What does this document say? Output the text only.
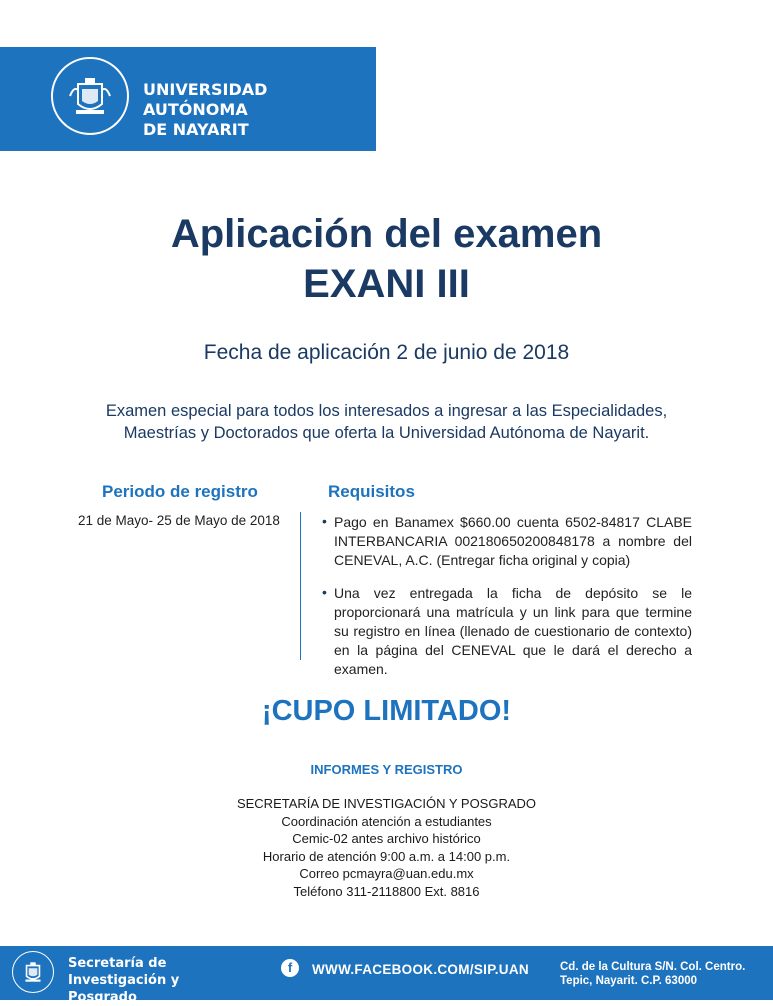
UNIVERSIDAD AUTÓNOMA
DE NAYARIT
Aplicación del examen
EXANI III
Fecha de aplicación 2 de junio de 2018
Examen especial para todos los interesados a ingresar a las Especialidades,
Maestrías y Doctorados que oferta la Universidad Autónoma de Nayarit.
Periodo de registro	Requisitos
21 de Mayo- 25 de Mayo de 2018	• Pago en Banamex $660.00 cuenta 6502-84817 CLABE INTERBANCARIA 002180650200848178 a nombre del CENEVAL, A.C. (Entregar ficha original y copia)
• Una vez entregada la ficha de depósito se le proporcionará una matrícula y un link para que termine su registro en línea (llenado de cuestionario de contexto) en la página del CENEVAL que le dará el derecho a examen.
¡CUPO LIMITADO!
INFORMES Y REGISTRO
SECRETARÍA DE INVESTIGACIÓN Y POSGRADO
Coordinación atención a estudiantes
Cemic-02 antes archivo histórico
Horario de atención 9:00 a.m. a 14:00 p.m.
Correo pcmayra@uan.edu.mx
Teléfono 311-2118800 Ext. 8816
Secretaría de Investigación y
Posgrado
f	WWW.FACEBOOK.COM/SIP.UAN	Cd. de la Cultura S/N. Col. Centro.
Tepic, Nayarit. C.P. 63000
